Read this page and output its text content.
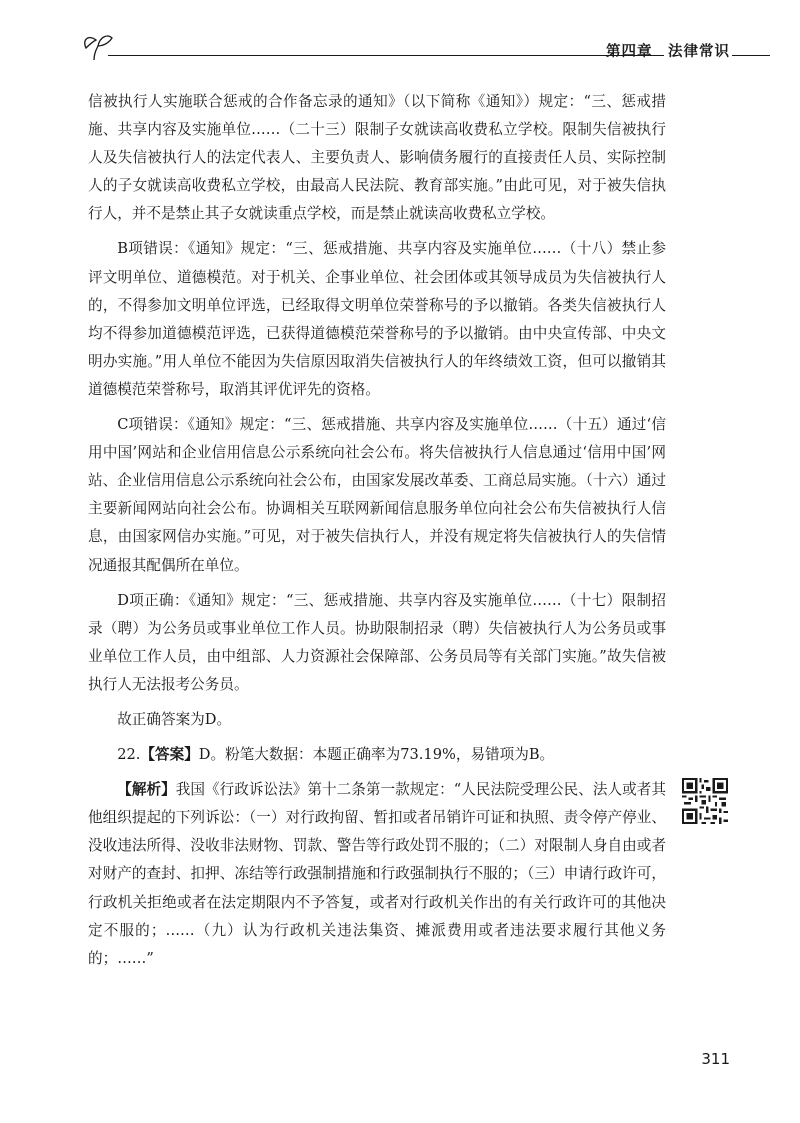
第四章　法律常识

信被执行人实施联合惩戒的合作备忘录的通知》（以下简称《通知》）规定：“三、惩戒措施、共享内容及实施单位……（二十三）限制子女就读高收费私立学校。限制失信被执行人及失信被执行人的法定代表人、主要负责人、影响债务履行的直接责任人员、实际控制人的子女就读高收费私立学校，由最高人民法院、教育部实施。”由此可见，对于被失信执行人，并不是禁止其子女就读重点学校，而是禁止就读高收费私立学校。

B项错误：《通知》规定：“三、惩戒措施、共享内容及实施单位……（十八）禁止参评文明单位、道德模范。对于机关、企事业单位、社会团体或其领导成员为失信被执行人的，不得参加文明单位评选，已经取得文明单位荣誉称号的予以撤销。各类失信被执行人均不得参加道德模范评选，已获得道德模范荣誉称号的予以撤销。由中央宣传部、中央文明办实施。”用人单位不能因为失信原因取消失信被执行人的年终绩效工资，但可以撤销其道德模范荣誉称号，取消其评优评先的资格。

C项错误：《通知》规定：“三、惩戒措施、共享内容及实施单位……（十五）通过‘信用中国’网站和企业信用信息公示系统向社会公布。将失信被执行人信息通过‘信用中国’网站、企业信用信息公示系统向社会公布，由国家发展改革委、工商总局实施。（十六）通过主要新闻网站向社会公布。协调相关互联网新闻信息服务单位向社会公布失信被执行人信息，由国家网信办实施。”可见，对于被失信执行人，并没有规定将失信被执行人的失信情况通报其配偶所在单位。

D项正确：《通知》规定：“三、惩戒措施、共享内容及实施单位……（十七）限制招录（聘）为公务员或事业单位工作人员。协助限制招录（聘）失信被执行人为公务员或事业单位工作人员，由中组部、人力资源社会保障部、公务员局等有关部门实施。”故失信被执行人无法报考公务员。

故正确答案为D。

22.【答案】D。粉笔大数据：本题正确率为73.19%，易错项为B。

【解析】我国《行政诉讼法》第十二条第一款规定：“人民法院受理公民、法人或者其他组织提起的下列诉讼：（一）对行政拘留、暂扣或者吊销许可证和执照、责令停产停业、没收违法所得、没收非法财物、罚款、警告等行政处罚不服的；（二）对限制人身自由或者对财产的查封、扣押、冻结等行政强制措施和行政强制执行不服的；（三）申请行政许可，行政机关拒绝或者在法定期限内不予答复，或者对行政机关作出的有关行政许可的其他决定不服的；……（九）认为行政机关违法集资、摊派费用或者违法要求履行其他义务的；……”

311
